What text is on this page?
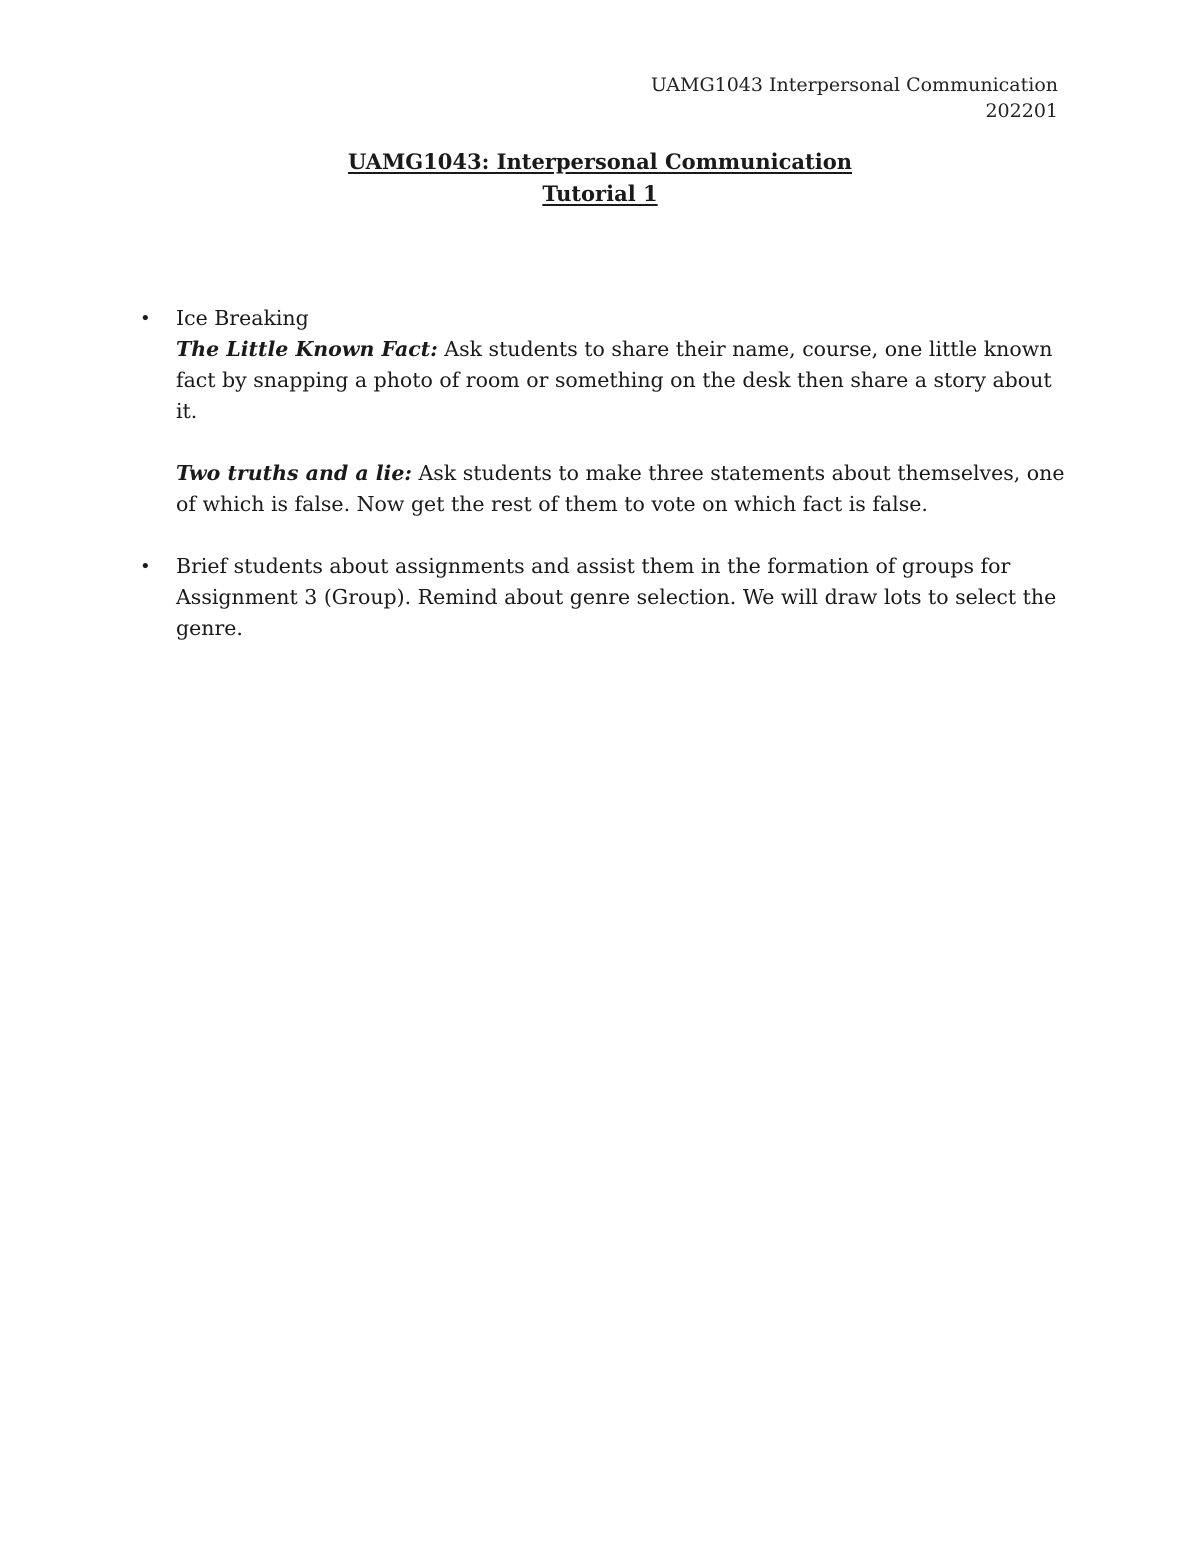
UAMG1043 Interpersonal Communication
202201
UAMG1043: Interpersonal Communication
Tutorial 1
•	Ice Breaking

The Little Known Fact: Ask students to share their name, course, one little known fact by snapping a photo of room or something on the desk then share a story about it.

Two truths and a lie: Ask students to make three statements about themselves, one of which is false. Now get the rest of them to vote on which fact is false.

•	Brief students about assignments and assist them in the formation of groups for Assignment 3 (Group). Remind about genre selection. We will draw lots to select the genre.
